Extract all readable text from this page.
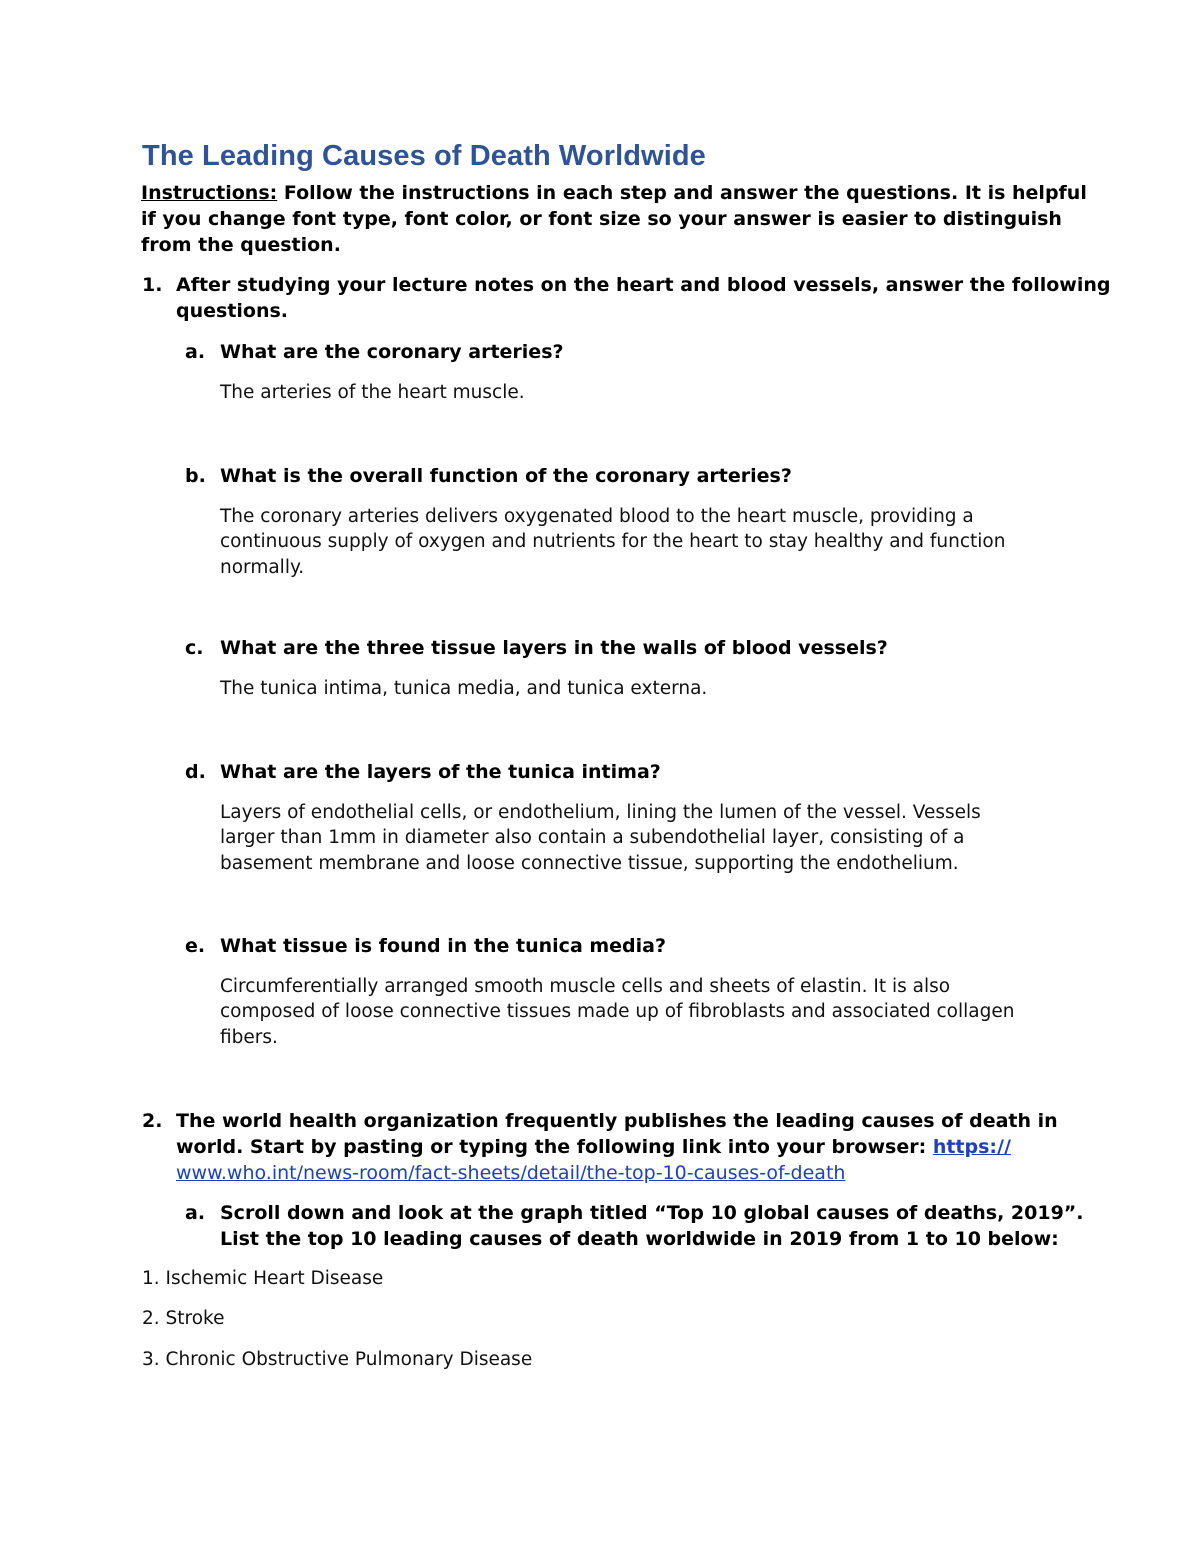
The Leading Causes of Death Worldwide
Instructions: Follow the instructions in each step and answer the questions. It is helpful
if you change font type, font color, or font size so your answer is easier to distinguish
from the question.
1. After studying your lecture notes on the heart and blood vessels, answer the following
questions.
a. What are the coronary arteries?
The arteries of the heart muscle.
b. What is the overall function of the coronary arteries?
The coronary arteries delivers oxygenated blood to the heart muscle, providing a
continuous supply of oxygen and nutrients for the heart to stay healthy and function
normally.
c. What are the three tissue layers in the walls of blood vessels?
The tunica intima, tunica media, and tunica externa.
d. What are the layers of the tunica intima?
Layers of endothelial cells, or endothelium, lining the lumen of the vessel. Vessels
larger than 1mm in diameter also contain a subendothelial layer, consisting of a
basement membrane and loose connective tissue, supporting the endothelium.
e. What tissue is found in the tunica media?
Circumferentially arranged smooth muscle cells and sheets of elastin. It is also
composed of loose connective tissues made up of fibroblasts and associated collagen
fibers.
2. The world health organization frequently publishes the leading causes of death in
world. Start by pasting or typing the following link into your browser: https://
www.who.int/news-room/fact-sheets/detail/the-top-10-causes-of-death
a. Scroll down and look at the graph titled “Top 10 global causes of deaths, 2019”.
List the top 10 leading causes of death worldwide in 2019 from 1 to 10 below:
1. Ischemic Heart Disease
2. Stroke
3. Chronic Obstructive Pulmonary Disease
